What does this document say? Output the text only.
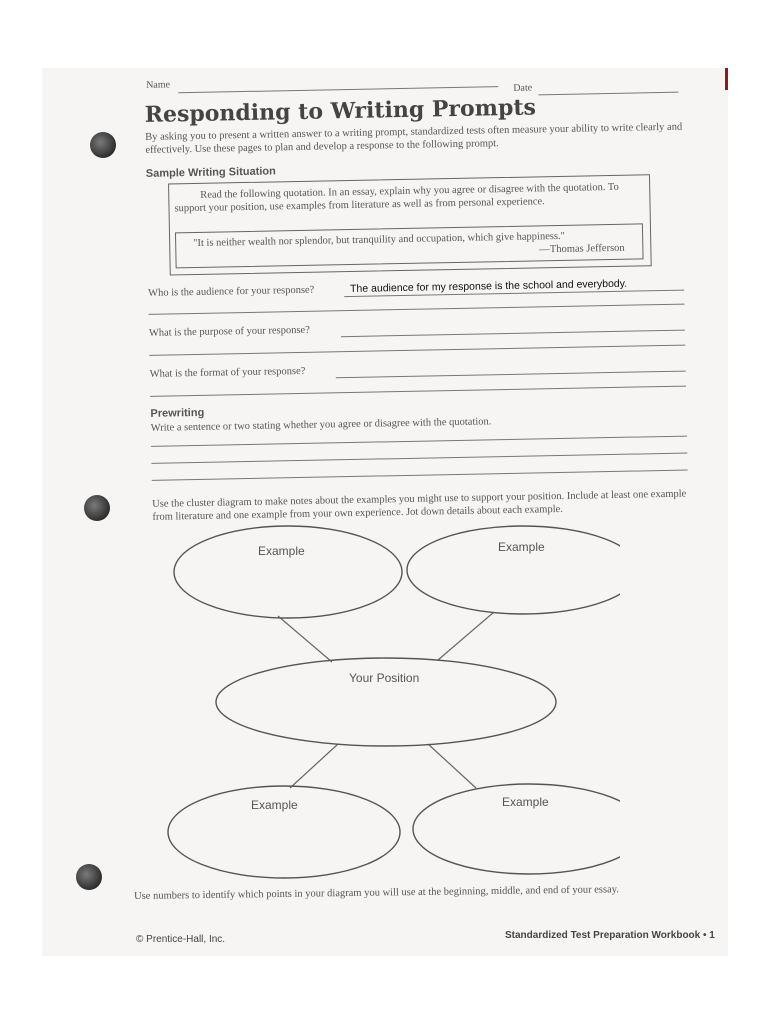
Name	Date
Responding to Writing Prompts
By asking you to present a written answer to a writing prompt, standardized tests often measure your ability to write clearly and effectively. Use these pages to plan and develop a response to the following prompt.
Sample Writing Situation
Read the following quotation. In an essay, explain why you agree or disagree with the quotation. To support your position, use examples from literature as well as from personal experience.
"It is neither wealth nor splendor, but tranquility and occupation, which give happiness."
—Thomas Jefferson
Who is the audience for your response?	The audience for my response is the school and everybody.
What is the purpose of your response?
What is the format of your response?
Prewriting
Write a sentence or two stating whether you agree or disagree with the quotation.
Use the cluster diagram to make notes about the examples you might use to support your position. Include at least one example from literature and one example from your own experience. Jot down details about each example.
Example	Example
Your Position
Example	Example
Use numbers to identify which points in your diagram you will use at the beginning, middle, and end of your essay.
© Prentice-Hall, Inc.	Standardized Test Preparation Workbook • 1
